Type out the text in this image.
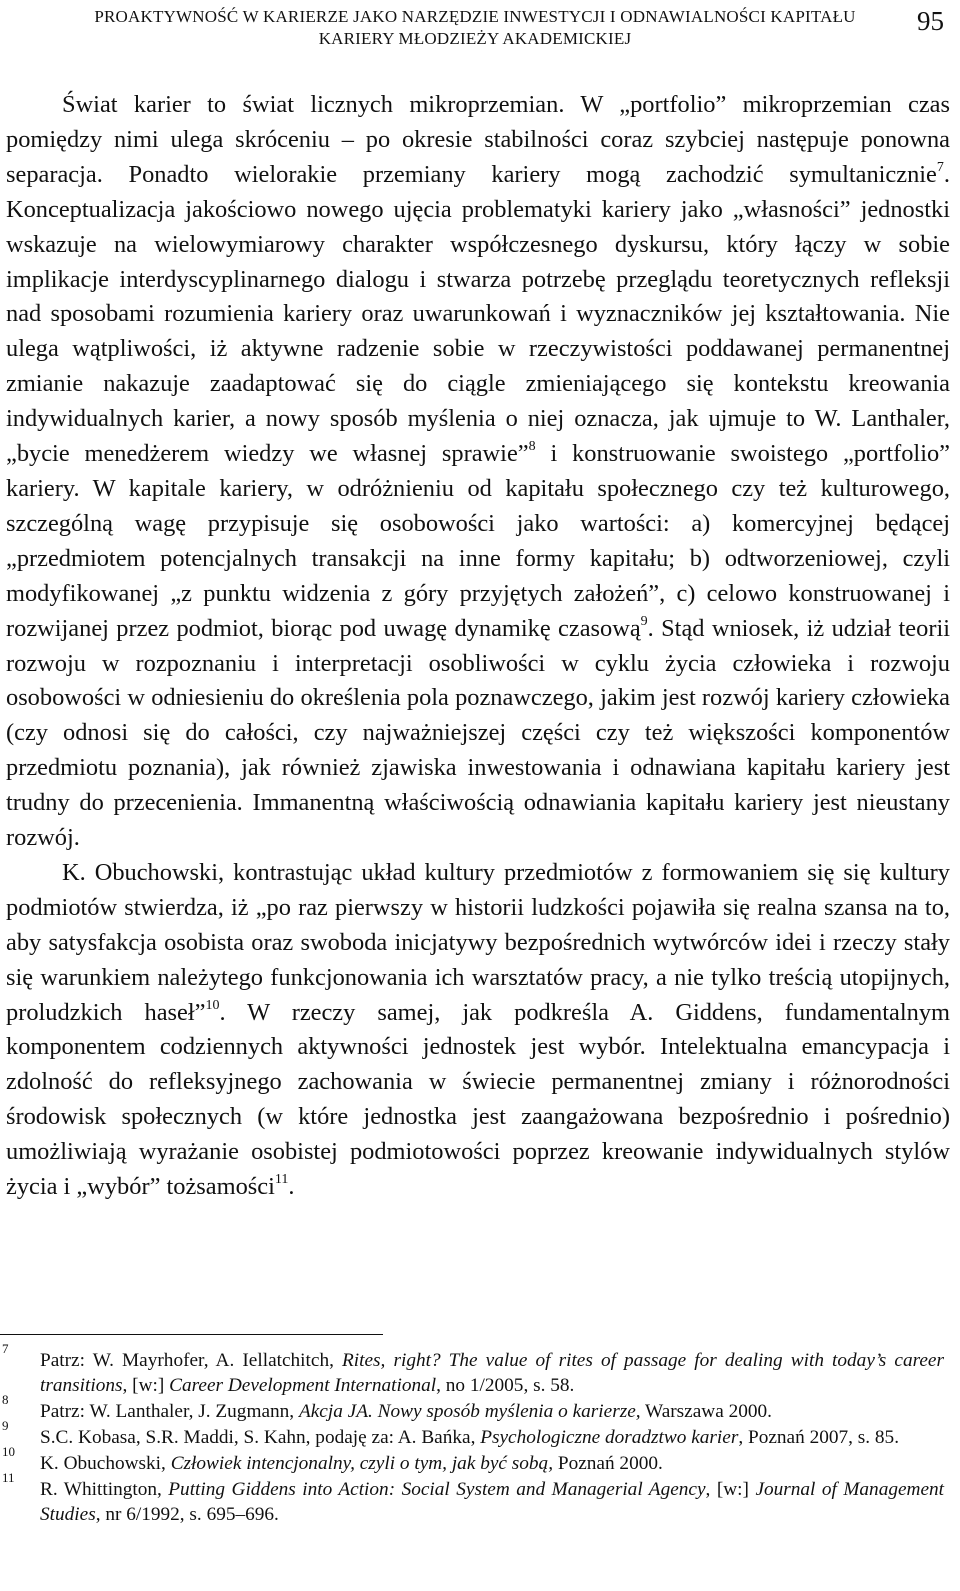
PROAKTYWNOŚĆ W KARIERZE JAKO NARZĘDZIE INWESTYCJI I ODNAWIALNOŚCI KAPITAŁU KARIERY MŁODZIEŻY AKADEMICKIEJ
95

Świat karier to świat licznych mikroprzemian. W „portfolio” mikroprzemian czas pomiędzy nimi ulega skróceniu – po okresie stabilności coraz szybciej następuje ponowna separacja. Ponadto wielorakie przemiany kariery mogą zachodzić symultanicznie$^7$. Konceptualizacja jakościowo nowego ujęcia problematyki kariery jako „własności” jednostki wskazuje na wielowymiarowy charakter współczesnego dyskursu, który łączy w sobie implikacje interdyscyplinarnego dialogu i stwarza potrzebę przeglądu teoretycznych refleksji nad sposobami rozumienia kariery oraz uwarunkowań i wyznaczników jej kształtowania. Nie ulega wątpliwości, iż aktywne radzenie sobie w rzeczywistości poddawanej permanentnej zmianie nakazuje zaadaptować się do ciągle zmieniającego się kontekstu kreowania indywidualnych karier, a nowy sposób myślenia o niej oznacza, jak ujmuje to W. Lanthaler, „bycie menedżerem wiedzy we własnej sprawie”$^8$ i konstruowanie swoistego „portfolio” kariery. W kapitale kariery, w odróżnieniu od kapitału społecznego czy też kulturowego, szczególną wagę przypisuje się osobowości jako wartości: a) komercyjnej będącej „przedmiotem potencjalnych transakcji na inne formy kapitału; b) odtworzeniowej, czyli modyfikowanej „z punktu widzenia z góry przyjętych założeń”, c) celowo konstruowanej i rozwijanej przez podmiot, biorąc pod uwagę dynamikę czasową$^9$. Stąd wniosek, iż udział teorii rozwoju w rozpoznaniu i interpretacji osobliwości w cyklu życia człowieka i rozwoju osobowości w odniesieniu do określenia pola poznawczego, jakim jest rozwój kariery człowieka (czy odnosi się do całości, czy najważniejszej części czy też większości komponentów przedmiotu poznania), jak również zjawiska inwestowania i odnawiana kapitału kariery jest trudny do przecenienia. Immanentną właściwością odnawiania kapitału kariery jest nieustany rozwój.

K. Obuchowski, kontrastując układ kultury przedmiotów z formowaniem się się kultury podmiotów stwierdza, iż „po raz pierwszy w historii ludzkości pojawiła się realna szansa na to, aby satysfakcja osobista oraz swoboda inicjatywy bezpośrednich wytwórców idei i rzeczy stały się warunkiem należytego funkcjonowania ich warsztatów pracy, a nie tylko treścią utopijnych, proludzkich haseł”$^{10}$. W rzeczy samej, jak podkreśla A. Giddens, fundamentalnym komponentem codziennych aktywności jednostek jest wybór. Intelektualna emancypacja i zdolność do refleksyjnego zachowania w świecie permanentnej zmiany i różnorodności środowisk społecznych (w które jednostka jest zaangażowana bezpośrednio i pośrednio) umożliwiają wyrażanie osobistej podmiotowości poprzez kreowanie indywidualnych stylów życia i „wybór” tożsamości$^{11}$.

7
Patrz: W. Mayrhofer, A. Iellatchitch, Rites, right? The value of rites of passage for dealing with today’s career transitions, [w:] Career Development International, no 1/2005, s. 58.
8
Patrz: W. Lanthaler, J. Zugmann, Akcja JA. Nowy sposób myślenia o karierze, Warszawa 2000.
9
S.C. Kobasa, S.R. Maddi, S. Kahn, podaję za: A. Bańka, Psychologiczne doradztwo karier, Poznań 2007, s. 85.
10
K. Obuchowski, Człowiek intencjonalny, czyli o tym, jak być sobą, Poznań 2000.
11
R. Whittington, Putting Giddens into Action: Social System and Managerial Agency, [w:] Journal of Management Studies, nr 6/1992, s. 695–696.
